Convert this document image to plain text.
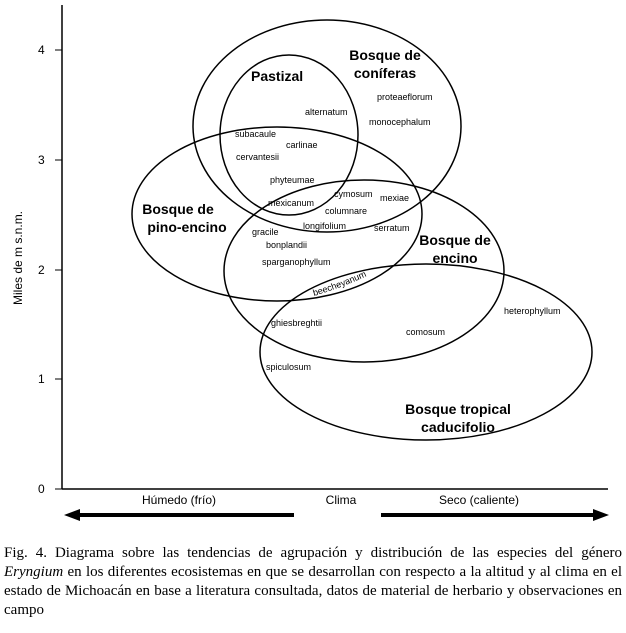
0
1
2
3
4
Miles de m s.n.m.
Pastizal
Bosque de
coníferas
Bosque de
pino-encino
Bosque de
encino
Bosque tropical
caducifolio
alternatum
proteaeflorum
monocephalum
subacaule
carlinae
cervantesii
phyteumae
cymosum mexiae
mexicanum
columnare
longifolium	serratum
gracile
bonplandii
sparganophyllum
beecheyanum
heterophyllum
ghiesbreghtii
comosum
spiculosum
Húmedo (frío)	Clima	Seco (caliente)
Fig. 4. Diagrama sobre las tendencias de agrupación y distribución de las especies del género Eryngium en los diferentes ecosistemas en que se desarrollan con respecto a la altitud y al clima en el estado de Michoacán en base a literatura consultada, datos de material de herbario y observaciones en campo
